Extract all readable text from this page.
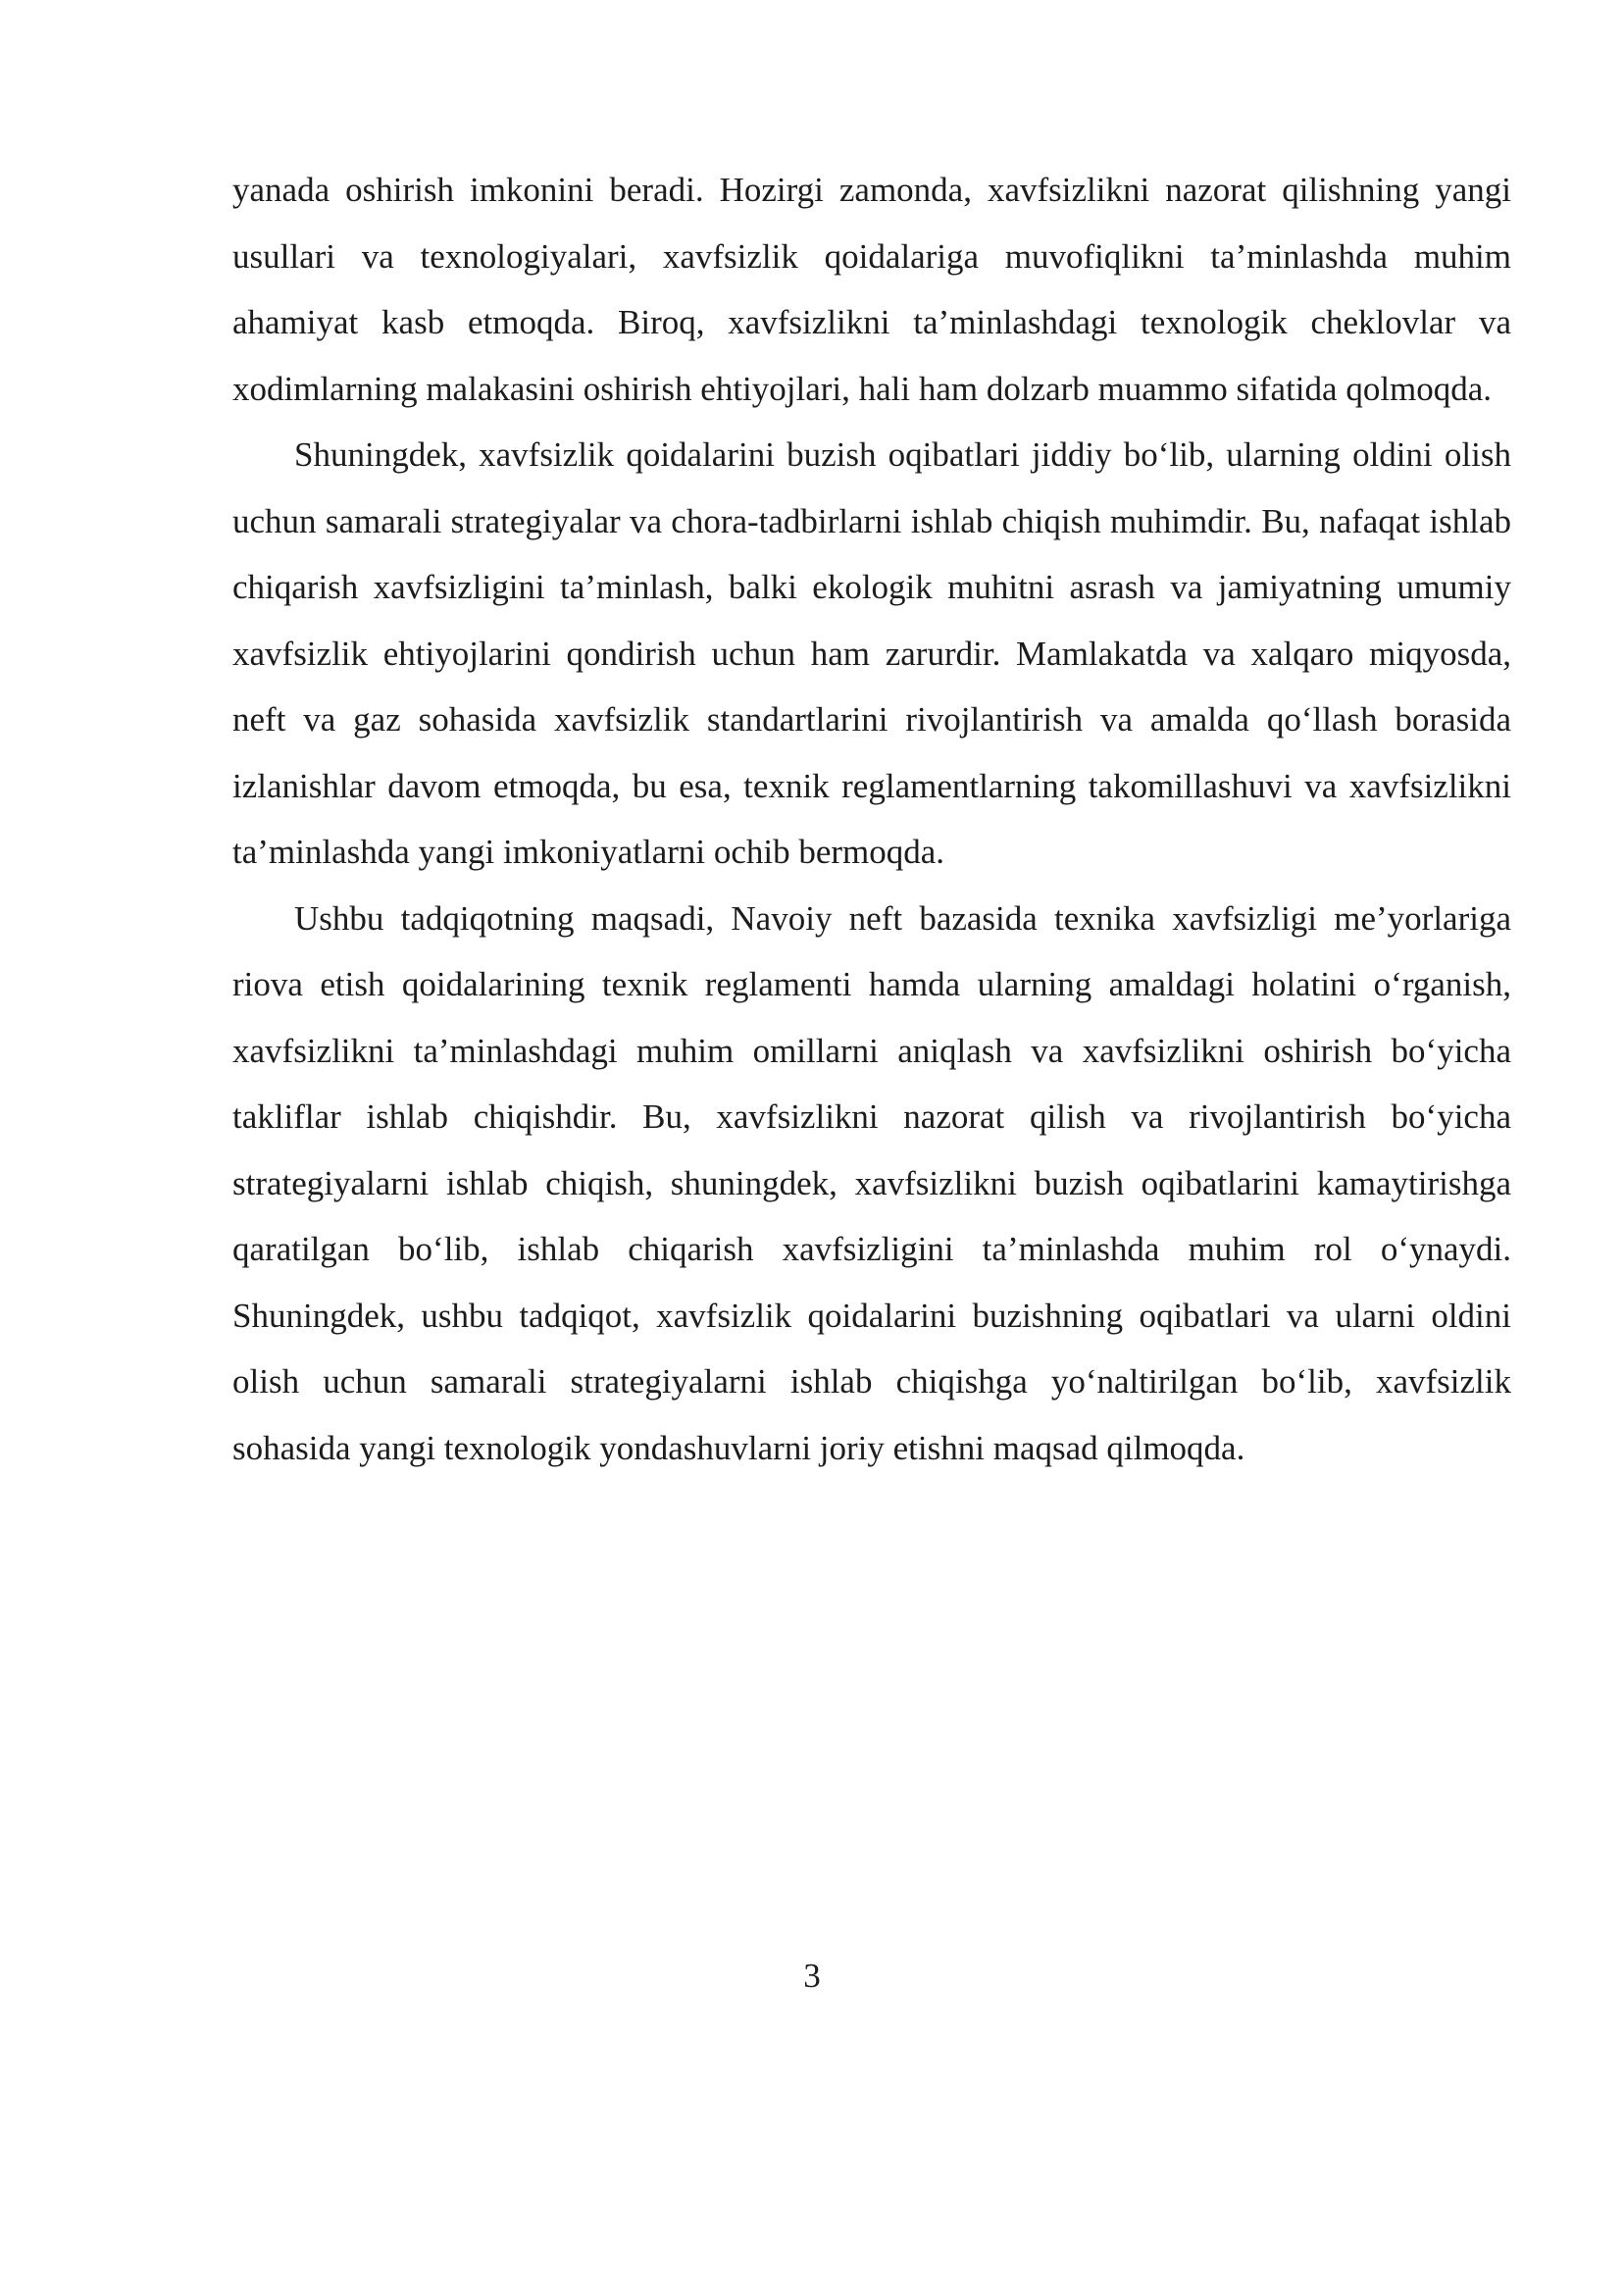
yanada oshirish imkonini beradi. Hozirgi zamonda, xavfsizlikni nazorat qilishning yangi usullari va texnologiyalari, xavfsizlik qoidalariga muvofiqlikni ta’minlashda muhim ahamiyat kasb etmoqda. Biroq, xavfsizlikni ta’minlashdagi texnologik cheklovlar va xodimlarning malakasini oshirish ehtiyojlari, hali ham dolzarb muammo sifatida qolmoqda.

Shuningdek, xavfsizlik qoidalarini buzish oqibatlari jiddiy bo‘lib, ularning oldini olish uchun samarali strategiyalar va chora-tadbirlarni ishlab chiqish muhimdir. Bu, nafaqat ishlab chiqarish xavfsizligini ta’minlash, balki ekologik muhitni asrash va jamiyatning umumiy xavfsizlik ehtiyojlarini qondirish uchun ham zarurdir. Mamlakatda va xalqaro miqyosda, neft va gaz sohasida xavfsizlik standartlarini rivojlantirish va amalda qo‘llash borasida izlanishlar davom etmoqda, bu esa, texnik reglamentlarning takomillashuvi va xavfsizlikni ta’minlashda yangi imkoniyatlarni ochib bermoqda.

Ushbu tadqiqotning maqsadi, Navoiy neft bazasida texnika xavfsizligi me’yorlariga riova etish qoidalarining texnik reglamenti hamda ularning amaldagi holatini o‘rganish, xavfsizlikni ta’minlashdagi muhim omillarni aniqlash va xavfsizlikni oshirish bo‘yicha takliflar ishlab chiqishdir. Bu, xavfsizlikni nazorat qilish va rivojlantirish bo‘yicha strategiyalarni ishlab chiqish, shuningdek, xavfsizlikni buzish oqibatlarini kamaytirishga qaratilgan bo‘lib, ishlab chiqarish xavfsizligini ta’minlashda muhim rol o‘ynaydi. Shuningdek, ushbu tadqiqot, xavfsizlik qoidalarini buzishning oqibatlari va ularni oldini olish uchun samarali strategiyalarni ishlab chiqishga yo‘naltirilgan bo‘lib, xavfsizlik sohasida yangi texnologik yondashuvlarni joriy etishni maqsad qilmoqda.

3
